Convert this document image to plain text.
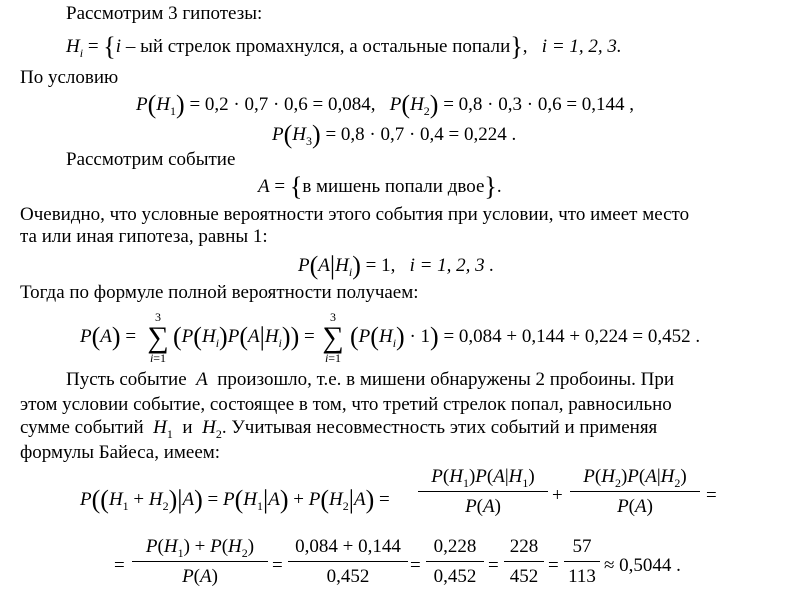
Рассмотрим 3 гипотезы:
$H_i = \{i$ – ый стрелок промахнулся, а остальные попали},   i = 1, 2, 3.
По условию
$P(H_1) = 0,2 \cdot 0,7 \cdot 0,6 = 0,084$, $P(H_2) = 0,8 \cdot 0,3 \cdot 0,6 = 0,144$ ,
$P(H_3) = 0,8 \cdot 0,7 \cdot 0,4 = 0,224$ .
Рассмотрим событие
A = {в мишень попали двое}.
Очевидно, что условные вероятности этого события при условии, что имеет место
та или иная гипотеза, равны 1:
$P(A|H_i) = 1$, i = 1, 2, 3 .
Тогда по формуле полной вероятности получаем:
P(A) =
3
∑
i=1
$(P(H_i)P(A|H_i))$ =
3
∑
i=1
$(P(H_i) \cdot 1) = 0,084 + 0,144 + 0,224 = 0,452$ .
Пусть событие A произошло, т.е. в мишени обнаружены 2 пробоины. При
этом условии событие, состоящее в том, что третий стрелок попал, равносильно
сумме событий $H_1$ и $H_2$. Учитывая несовместность этих событий и применяя
формулы Байеса, имеем:
$P((H_1 + H_2)|A) = P(H_1|A) + P(H_2|A) = \frac{P(H_1)P(A|H_1)}{P(A)} + \frac{P(H_2)P(A|H_2)}{P(A)}$ =
= $\frac{P(H_1) + P(H_2)}{P(A)} = \frac{0,084 + 0,144}{0,452} = \frac{0,228}{0,452} = \frac{228}{452} = \frac{57}{113} \approx 0,5044$ .
